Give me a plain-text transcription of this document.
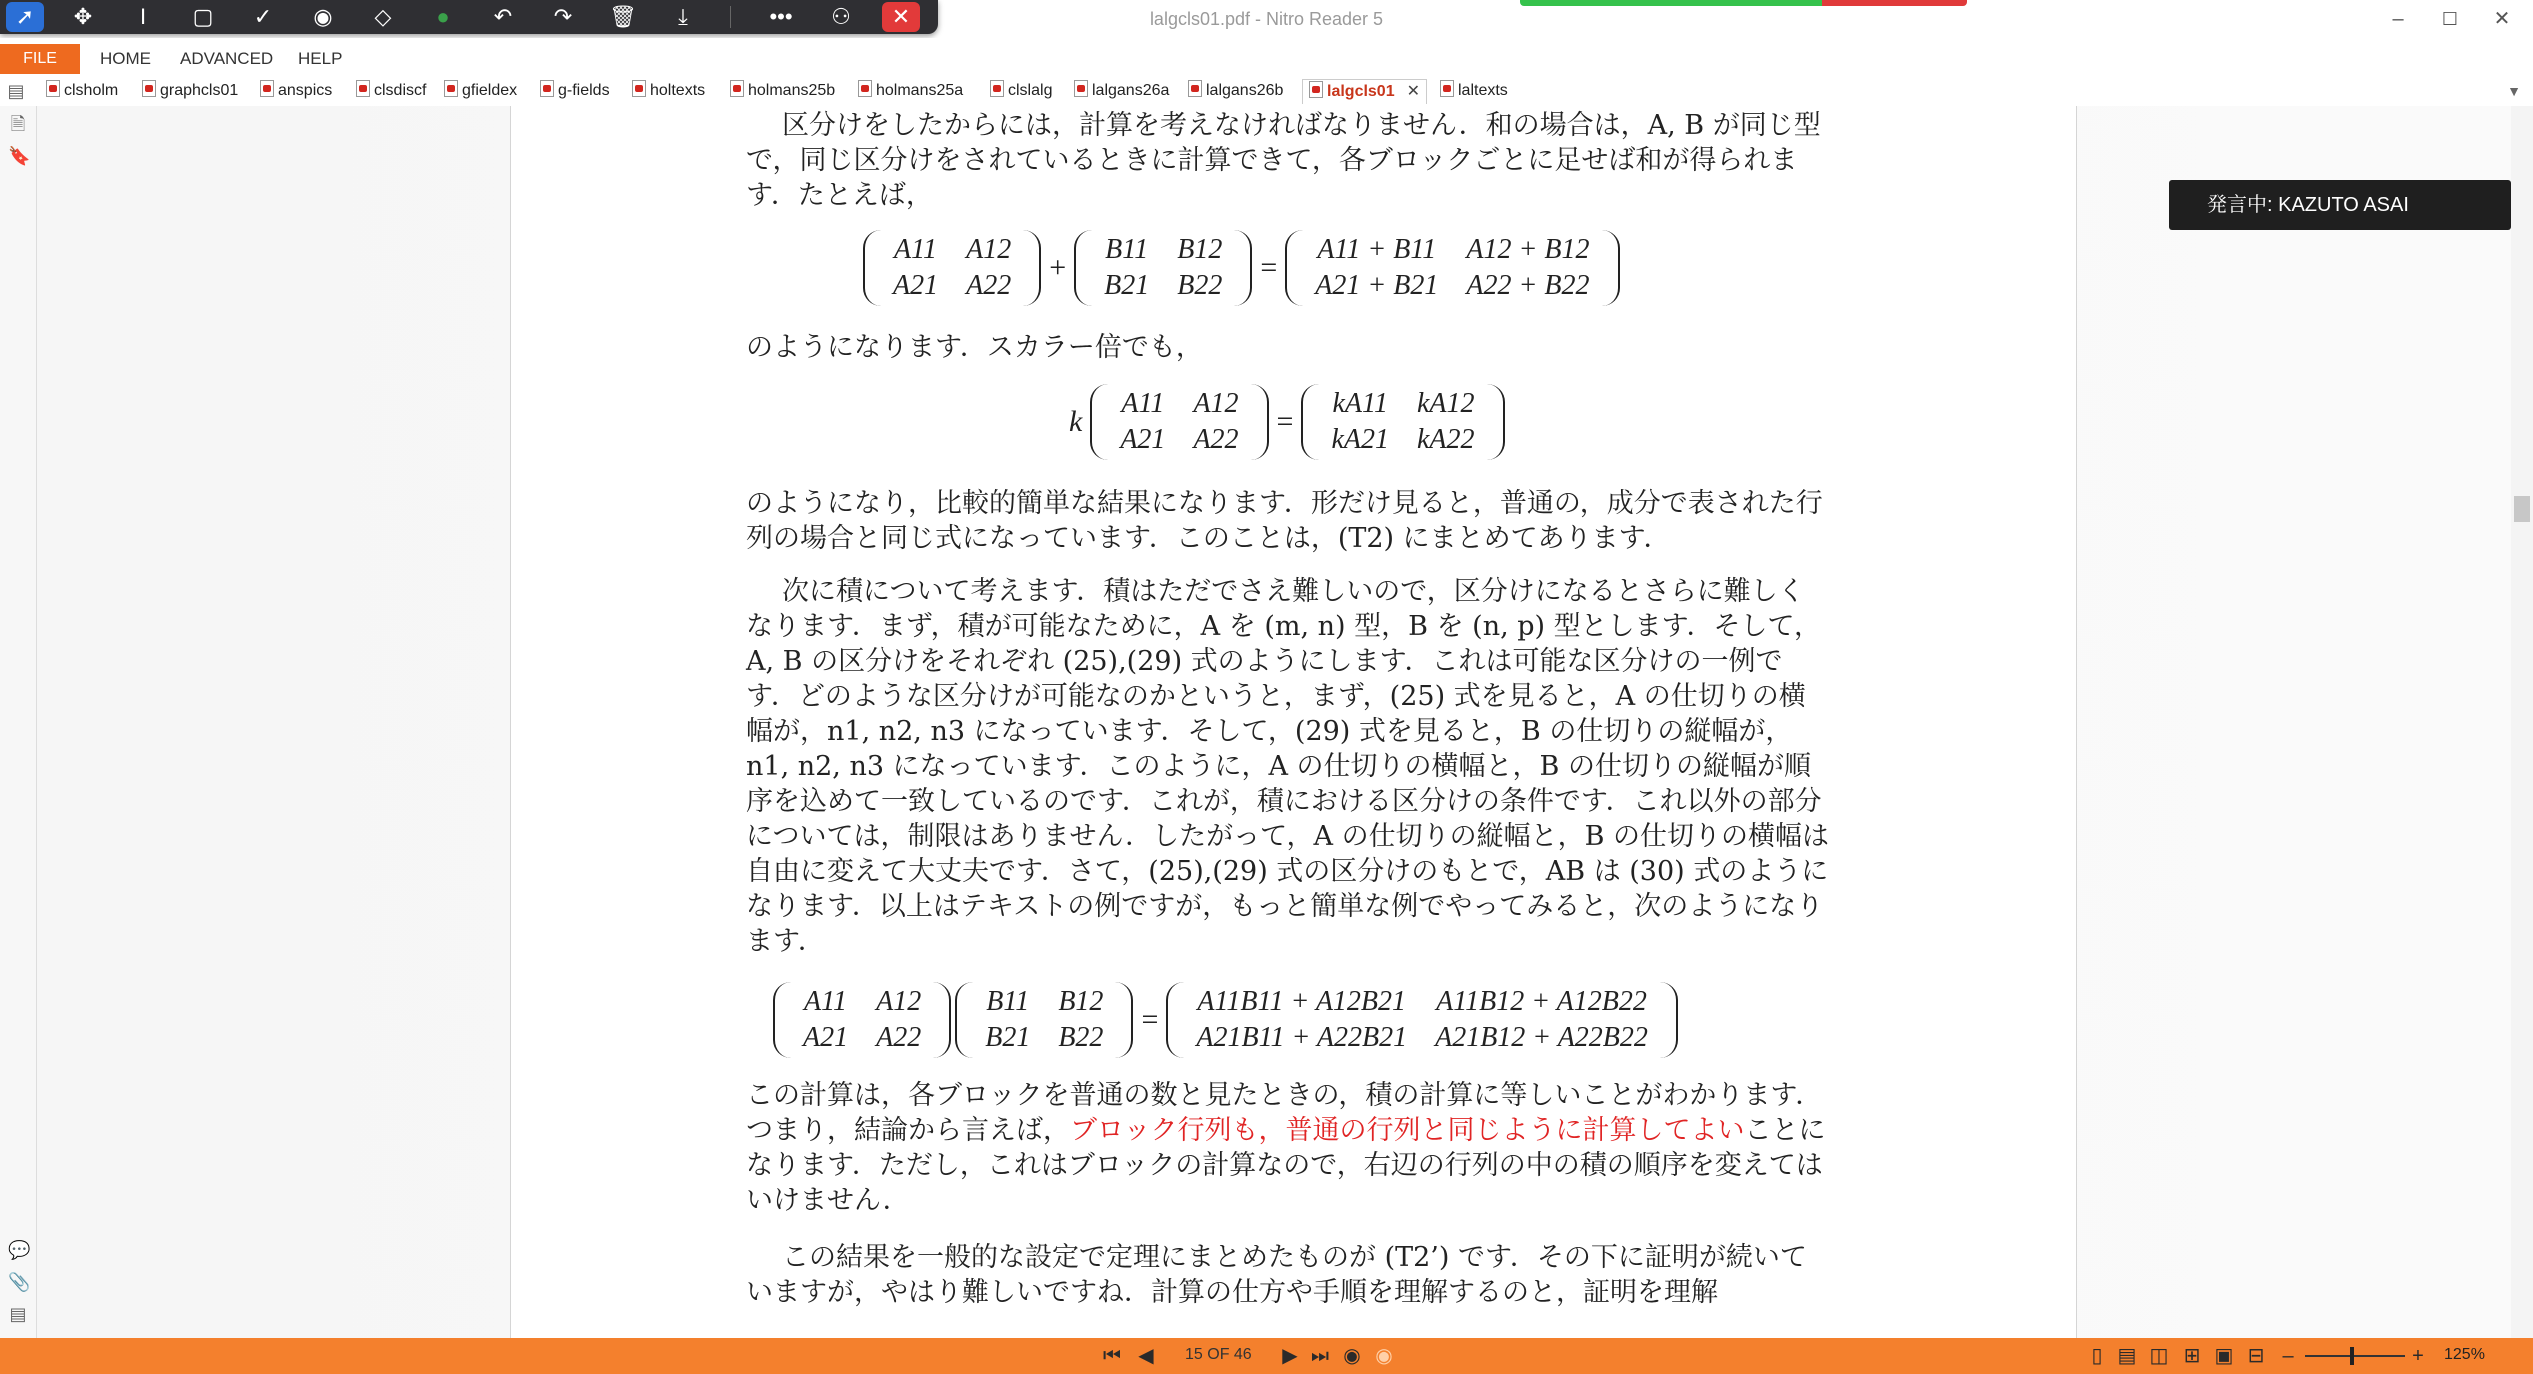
lalgcls01.pdf - Nitro Reader 5	–	☐	✕
➚	✥	I	▢	✓	◉	◇	●	↶	↷	🗑	⤓	•••	⚇	✕
FILE	HOME ADVANCED HELP
▤	clsholm	graphcls01	anspics	clsdiscf	gfieldex	g-fields	holtexts	holmans25b	holmans25a	clslalg	lalgans26a	lalgans26b	lalgcls01 ✕	laltexts	▼
🗎
🔖
💬
📎
▤
区分けをしたからには，計算を考えなければなりません．和の場合は，A, B が同じ型で，同じ区分けをされているときに計算できて，各ブロックごとに足せば和が得られます．たとえば，
A11	A12
A21	A22
+
B11	B12
B21	B22
=
A11 + B11	A12 + B12
A21 + B21	A22 + B22
のようになります．スカラー倍でも，
k
A11	A12
A21	A22
=
kA11	kA12
kA21	kA22
のようになり，比較的簡単な結果になります．形だけ見ると，普通の，成分で表された行列の場合と同じ式になっています．このことは，(T2) にまとめてあります．
次に積について考えます．積はただでさえ難しいので，区分けになるとさらに難しくなります．まず，積が可能なために，A を (m, n) 型，B を (n, p) 型とします．そして，A, B の区分けをそれぞれ (25),(29) 式のようにします．これは可能な区分けの一例です．どのような区分けが可能なのかというと，まず，(25) 式を見ると，A の仕切りの横幅が，n1, n2, n3 になっています．そして，(29) 式を見ると，B の仕切りの縦幅が，n1, n2, n3 になっています．このように，A の仕切りの横幅と，B の仕切りの縦幅が順序を込めて一致しているのです．これが，積における区分けの条件です．これ以外の部分については，制限はありません．したがって，A の仕切りの縦幅と，B の仕切りの横幅は自由に変えて大丈夫です．さて，(25),(29) 式の区分けのもとで，AB は (30) 式のようになります．以上はテキストの例ですが，もっと簡単な例でやってみると，次のようになります．
A11	A12
A21	A22
B11	B12
B21	B22
=
A11B11 + A12B21	A11B12 + A12B22
A21B11 + A22B21	A21B12 + A22B22
この計算は，各ブロックを普通の数と見たときの，積の計算に等しいことがわかります．つまり，結論から言えば，ブロック行列も，普通の行列と同じように計算してよいことになります．ただし，これはブロックの計算なので，右辺の行列の中の積の順序を変えてはいけません．
この結果を一般的な設定で定理にまとめたものが (T2’) です．その下に証明が続いていますが，やはり難しいですね．計算の仕方や手順を理解するのと，証明を理解
発言中: KAZUTO ASAI
⏮ ◀ 15 OF 46 ▶ ⏭ ◉ ◉	▯ ▤ ◫ ⊞ ▣ ⊟ –	+ 125%
